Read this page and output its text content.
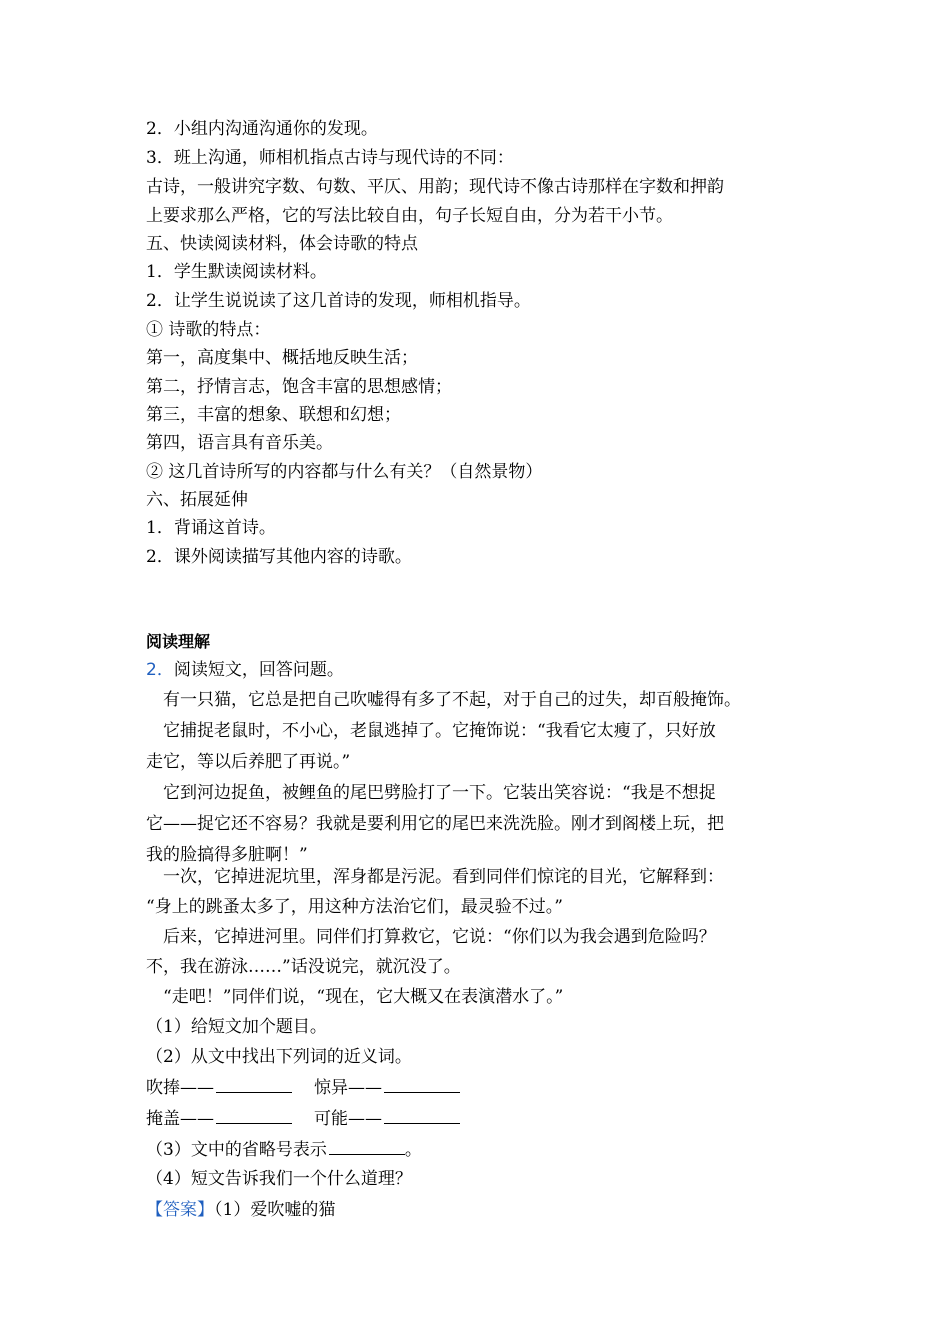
2．小组内沟通沟通你的发现。
3．班上沟通，师相机指点古诗与现代诗的不同：
古诗，一般讲究字数、句数、平仄、用韵；现代诗不像古诗那样在字数和押韵
上要求那么严格，它的写法比较自由，句子长短自由，分为若干小节。
五、快读阅读材料，体会诗歌的特点
1．学生默读阅读材料。
2．让学生说说读了这几首诗的发现，师相机指导。
① 诗歌的特点：
第一，高度集中、概括地反映生活；
第二，抒情言志，饱含丰富的思想感情；
第三，丰富的想象、联想和幻想；
第四，语言具有音乐美。
② 这几首诗所写的内容都与什么有关？（自然景物）
六、拓展延伸
1．背诵这首诗。
2．课外阅读描写其他内容的诗歌。
阅读理解
2．阅读短文，回答问题。
有一只猫，它总是把自己吹嘘得有多了不起，对于自己的过失，却百般掩饰。
它捕捉老鼠时，不小心，老鼠逃掉了。它掩饰说：“我看它太瘦了，只好放
走它，等以后养肥了再说。”
它到河边捉鱼，被鲤鱼的尾巴劈脸打了一下。它装出笑容说：“我是不想捉
它——捉它还不容易？我就是要利用它的尾巴来洗洗脸。刚才到阁楼上玩，把
我的脸搞得多脏啊！”
一次，它掉进泥坑里，浑身都是污泥。看到同伴们惊诧的目光，它解释到：
“身上的跳蚤太多了，用这种方法治它们，最灵验不过。”
后来，它掉进河里。同伴们打算救它，它说：“你们以为我会遇到危险吗？
不，我在游泳……”话没说完，就沉没了。
“走吧！”同伴们说，“现在，它大概又在表演潜水了。”
（1）给短文加个题目。
（2）从文中找出下列词的近义词。
吹捧——	惊异——
掩盖——	可能——
（3）文中的省略号表示	。
（4）短文告诉我们一个什么道理？
【答案】（1）爱吹嘘的猫
